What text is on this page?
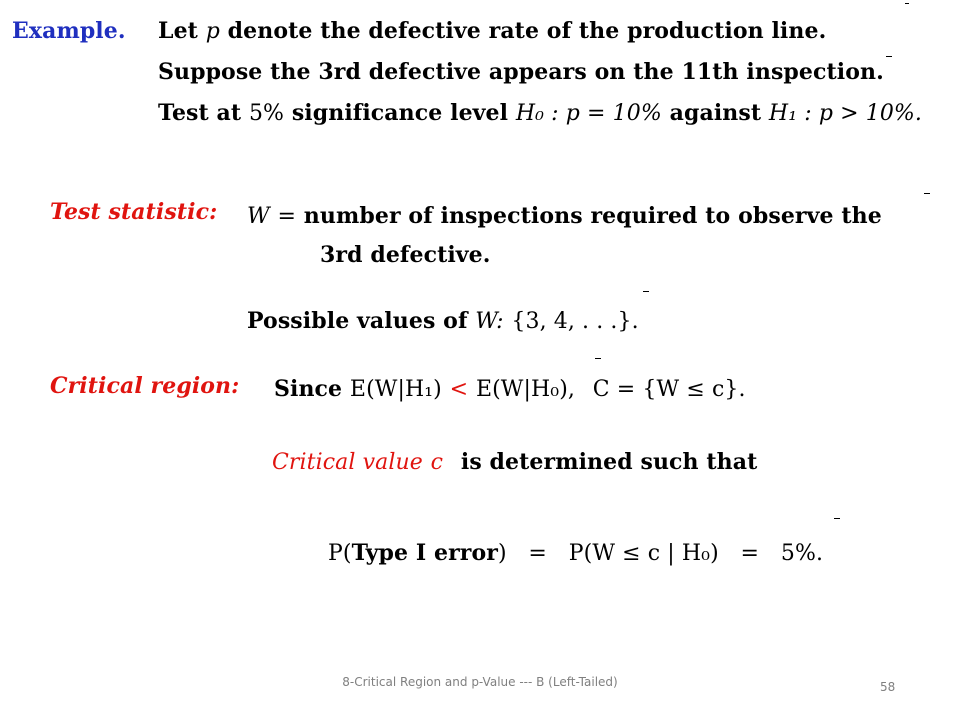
Example. Let p denote the defective rate of the production line.
Suppose the 3rd defective appears on the 11th inspection.
Test at 5% significance level H₀ : p = 10% against H₁ : p > 10%.
Test statistic: W = number of inspections required to observe the
3rd defective.
Possible values of W: {3, 4, . . .}.
Critical region: Since E(W|H₁) < E(W|H₀), C = {W ≤ c}.
Critical value c is determined such that
P(Type I error) = P(W ≤ c | H₀) = 5%.
8-Critical Region and p-Value --- B (Left-Tailed)	58
